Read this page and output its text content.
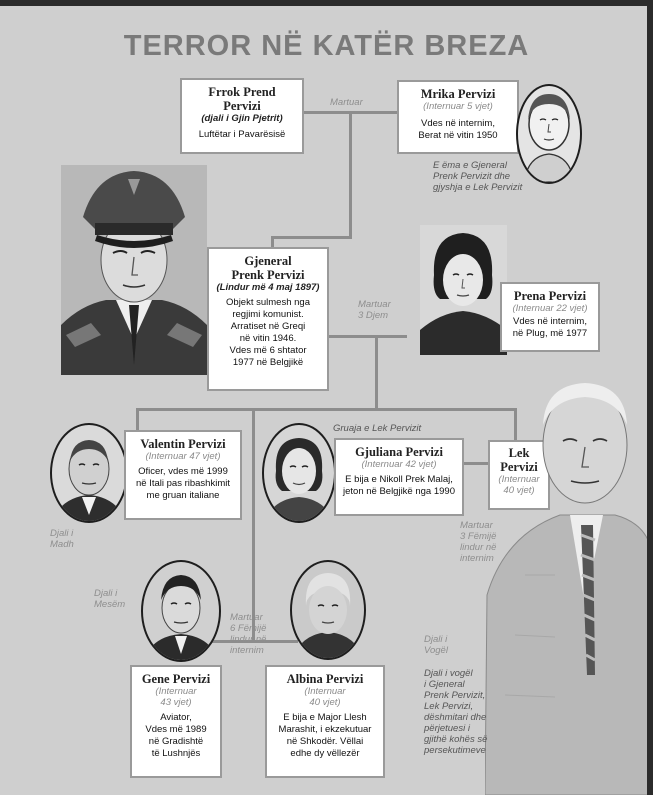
TERROR NË KATËR BREZA
Frrok Prend
Pervizi
(djali i Gjin Pjetrit)
Luftëtar i Pavarësisë
Martuar
Mrika Pervizi
(Internuar 5 vjet)
Vdes në internim,
Berat në vitin 1950
E ëma e Gjeneral
Prenk Pervizit dhe
gjyshja e Lek Pervizit
Gjeneral
Prenk Pervizi
(Lindur më 4 maj 1897)
Objekt sulmesh nga
regjimi komunist.
Arratiset në Greqi
në vitin 1946.
Vdes më 6 shtator
1977 në Belgjikë
Martuar
3 Djem
Prena Pervizi
(Internuar 22 vjet)
Vdes në internim,
në Plug, më 1977
Valentin Pervizi
(Internuar 47 vjet)
Oficer, vdes më 1999
në Itali pas ribashkimit
me gruan italiane
Djali i
Madh
Gruaja e Lek Pervizit
Gjuliana Pervizi
(Internuar 42 vjet)
E bija e Nikoll Prek Malaj,
jeton në Belgjikë nga 1990
Lek
Pervizi
(Internuar
40 vjet)
Martuar
3 Fëmijë
lindur në
internim
Djali i
Mesëm
Martuar
6 Fëmijë
lindur në
internim
Gene Pervizi
(Internuar
43 vjet)
Aviator,
Vdes më 1989
në Gradishtë
të Lushnjës
Albina Pervizi
(Internuar
40 vjet)
E bija e Major Llesh
Marashit, i ekzekutuar
në Shkodër. Vëllai
edhe dy vëllezër
Djali i
Vogël
Djali i vogël
i Gjeneral
Prenk Pervizit,
Lek Pervizi,
dëshmitari dhe
përjetuesi i
gjithë kohës së
persekutimeve
